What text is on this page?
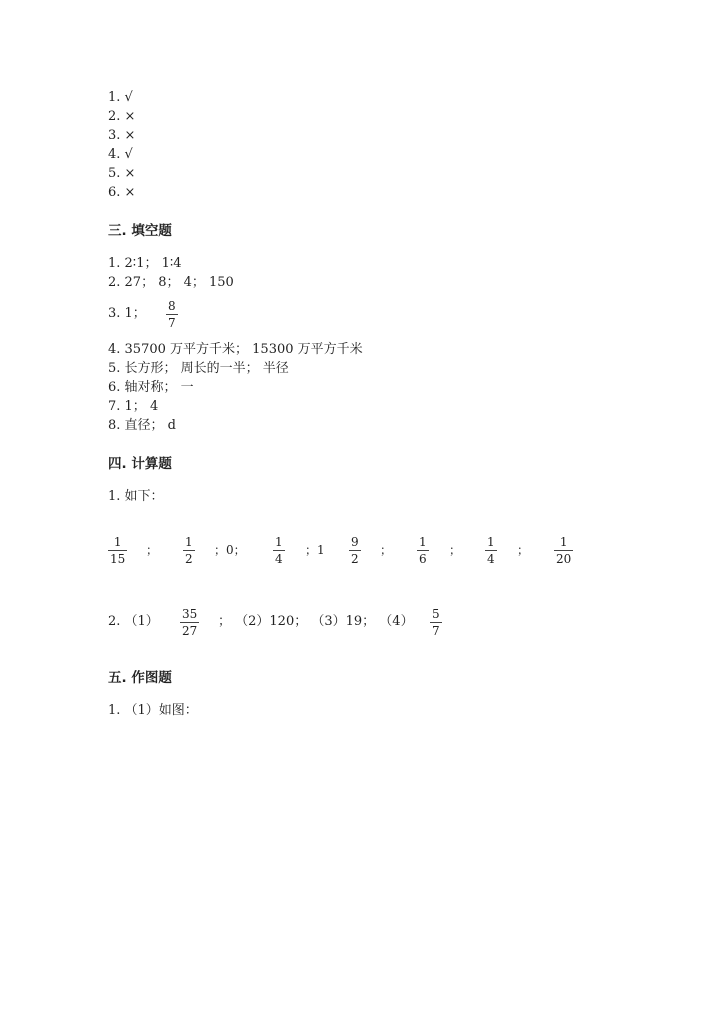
1. √
2. ×
3. ×
4. √
5. ×
6. ×
三. 填空题
1. 2∶1； 1∶4
2. 27； 8； 4； 150
3. 1； 8
7
4. 35700 万平方千米； 15300 万平方千米
5. 长方形； 周长的一半； 半径
6. 轴对称； 一
7. 1； 4
8. 直径； d
四. 计算题
1. 如下：
1
15
；
1
2
；0；
1
4
；1
9
2
；
1
6
；
1
4
；
1
20
2. （1） 35
27
； （2）120； （3）19； （4） 5
7
五. 作图题
1. （1）如图：
